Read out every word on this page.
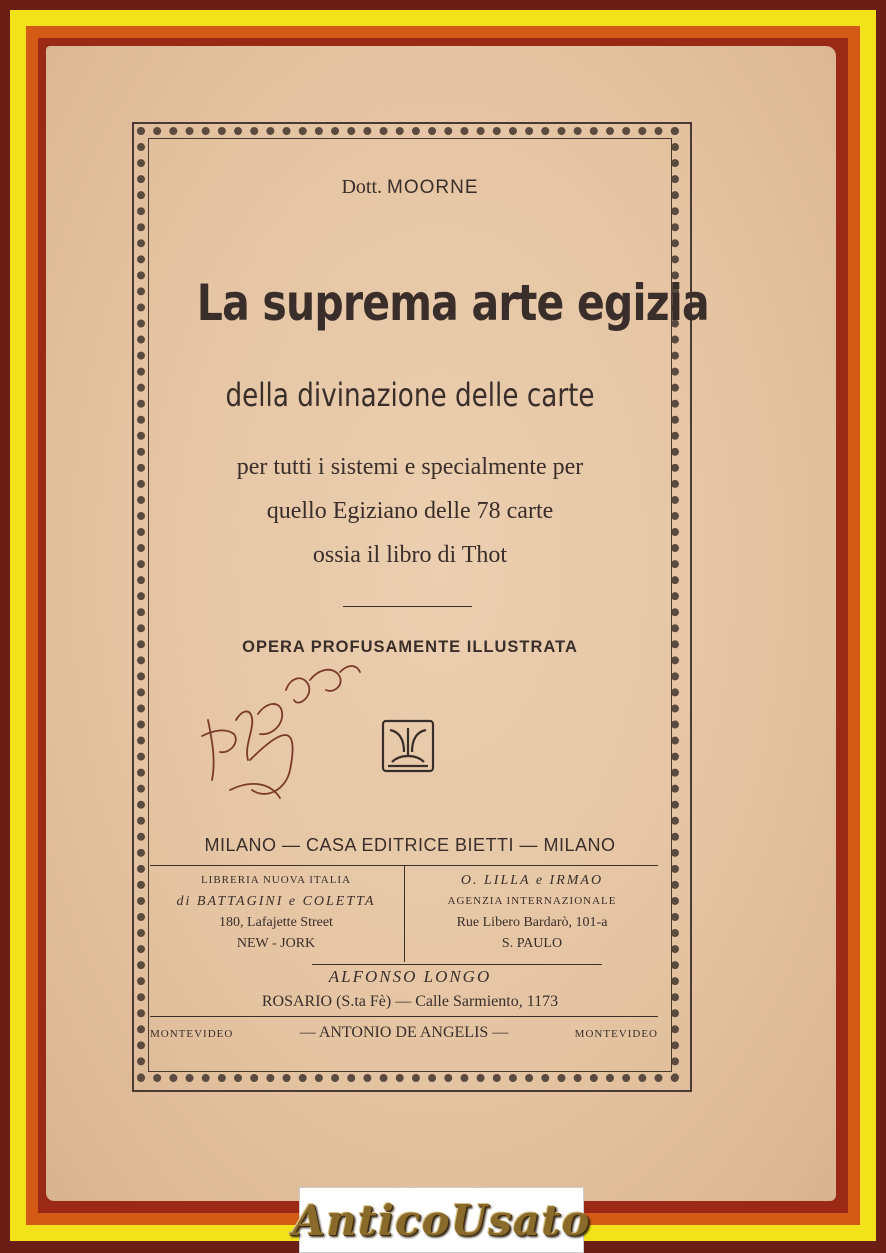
Dott. MOORNE
La suprema arte egizia
della divinazione delle carte
per tutti i sistemi e specialmente per
quello Egiziano delle 78 carte
ossia il libro di Thot
OPERA PROFUSAMENTE ILLUSTRATA
MILANO — CASA EDITRICE BIETTI — MILANO
LIBRERIA NUOVA ITALIA
di BATTAGINI e COLETTA
180, Lafajette Street
NEW - JORK
O. LILLA e IRMAO
AGENZIA INTERNAZIONALE
Rue Libero Bardarò, 101-a
S. PAULO
ALFONSO LONGO
ROSARIO (S.ta Fè) — Calle Sarmiento, 1173
MONTEVIDEO	— ANTONIO DE ANGELIS —	MONTEVIDEO
AnticoUsato
